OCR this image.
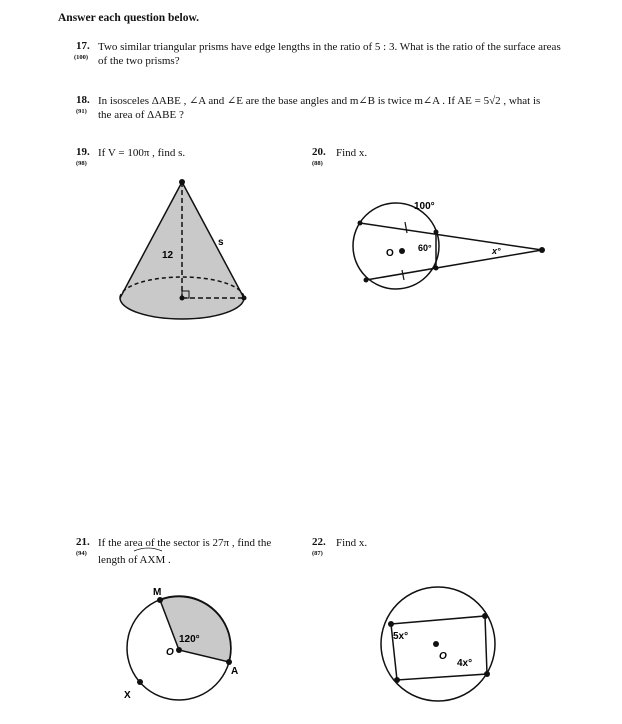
Answer each question below.
17.
(100)
Two similar triangular prisms have edge lengths in the ratio of 5 : 3. What is the ratio of the surface areas
of the two prisms?
18.
(91)
In isosceles ΔABE , ∠A and ∠E are the base angles and m∠B is twice m∠A . If AE = 5√2 , what is
the area of ΔABE ?
19.
(98)
If V = 100π , find s.	20.
(88)
Find x.
21.
(94)
If the area of the sector is 27π , find the
length of AXM .
22.
(87)
Find x.
12
s
O
100°
60°	x°
M
O
A
X
120°	5x°
O
4x°
